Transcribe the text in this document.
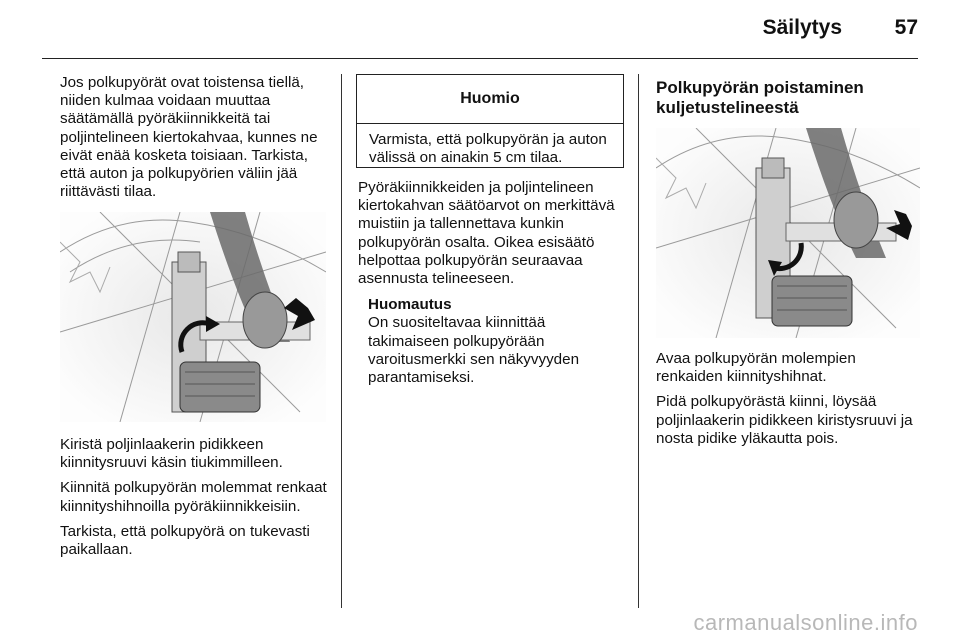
Säilytys	57

Jos polkupyörät ovat toistensa tiellä, niiden kulmaa voidaan muuttaa säätämällä pyöräkiinnikkeitä tai poljintelineen kiertokahvaa, kunnes ne eivät enää kosketa toisiaan. Tarkista, että auton ja polkupyörien väliin jää riittävästi tilaa.

Kiristä poljinlaakerin pidikkeen kiinnitysruuvi käsin tiukimmilleen.

Kiinnitä polkupyörän molemmat renkaat kiinnityshihnoilla pyöräkiinnikkeisiin.

Tarkista, että polkupyörä on tukevasti paikallaan.

Huomio
Varmista, että polkupyörän ja auton välissä on ainakin 5 cm tilaa.

Pyöräkiinnikkeiden ja poljintelineen kiertokahvan säätöarvot on merkittävä muistiin ja tallennettava kunkin polkupyörän osalta. Oikea esisäätö helpottaa polkupyörän seuraavaa asennusta telineeseen.

Huomautus

On suositeltavaa kiinnittää takimaiseen polkupyörään varoitusmerkki sen näkyvyyden parantamiseksi.

Polkupyörän poistaminen kuljetustelineestä

Avaa polkupyörän molempien renkaiden kiinnityshihnat.

Pidä polkupyörästä kiinni, löysää poljinlaakerin pidikkeen kiristysruuvi ja nosta pidike yläkautta pois.

carmanualsonline.info
